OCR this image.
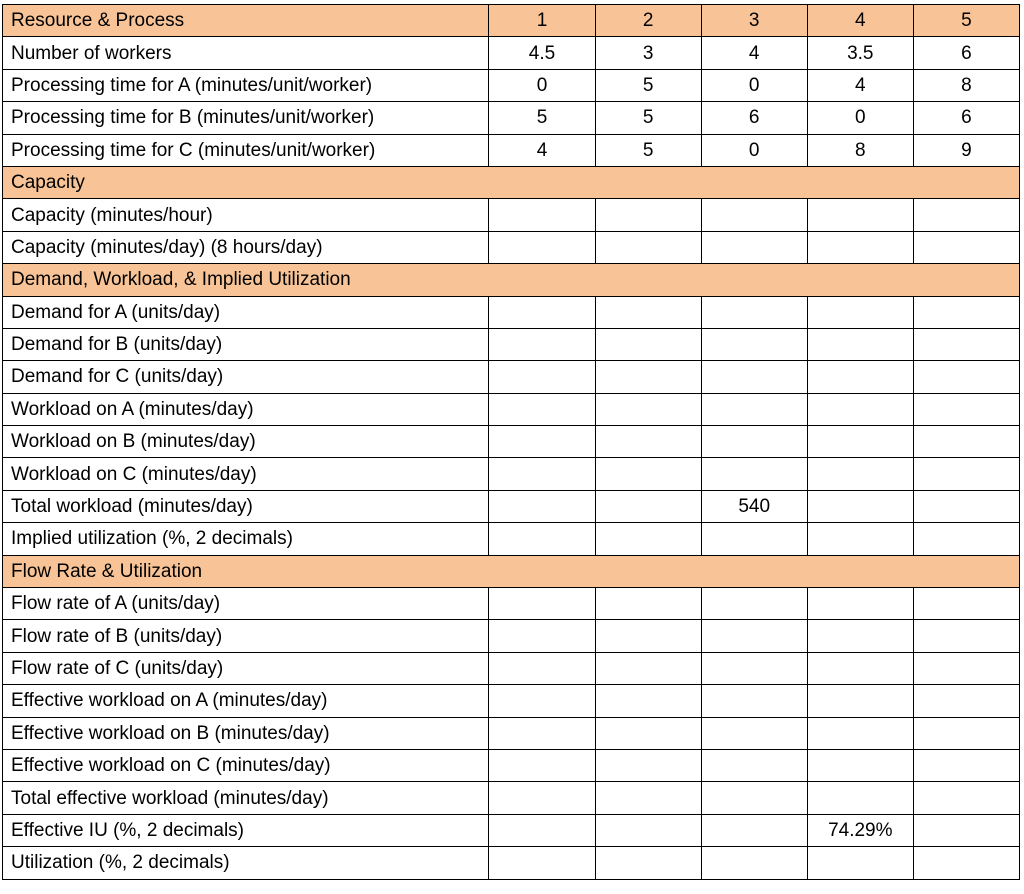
Resource & Process	1	2	3	4	5
Number of workers	4.5	3	4	3.5	6
Processing time for A (minutes/unit/worker)	0	5	0	4	8
Processing time for B (minutes/unit/worker)	5	5	6	0	6
Processing time for C (minutes/unit/worker)	4	5	0	8	9
Capacity					
Capacity (minutes/hour)					
Capacity (minutes/day) (8 hours/day)					
Demand, Workload, & Implied Utilization					
Demand for A (units/day)					
Demand for B (units/day)					
Demand for C (units/day)					
Workload on A (minutes/day)					
Workload on B (minutes/day)					
Workload on C (minutes/day)					
Total workload (minutes/day)			540		
Implied utilization (%, 2 decimals)					
Flow Rate & Utilization					
Flow rate of A (units/day)					
Flow rate of B (units/day)					
Flow rate of C (units/day)					
Effective workload on A (minutes/day)					
Effective workload on B (minutes/day)					
Effective workload on C (minutes/day)					
Total effective workload (minutes/day)					
Effective IU (%, 2 decimals)				74.29%	
Utilization (%, 2 decimals)					
